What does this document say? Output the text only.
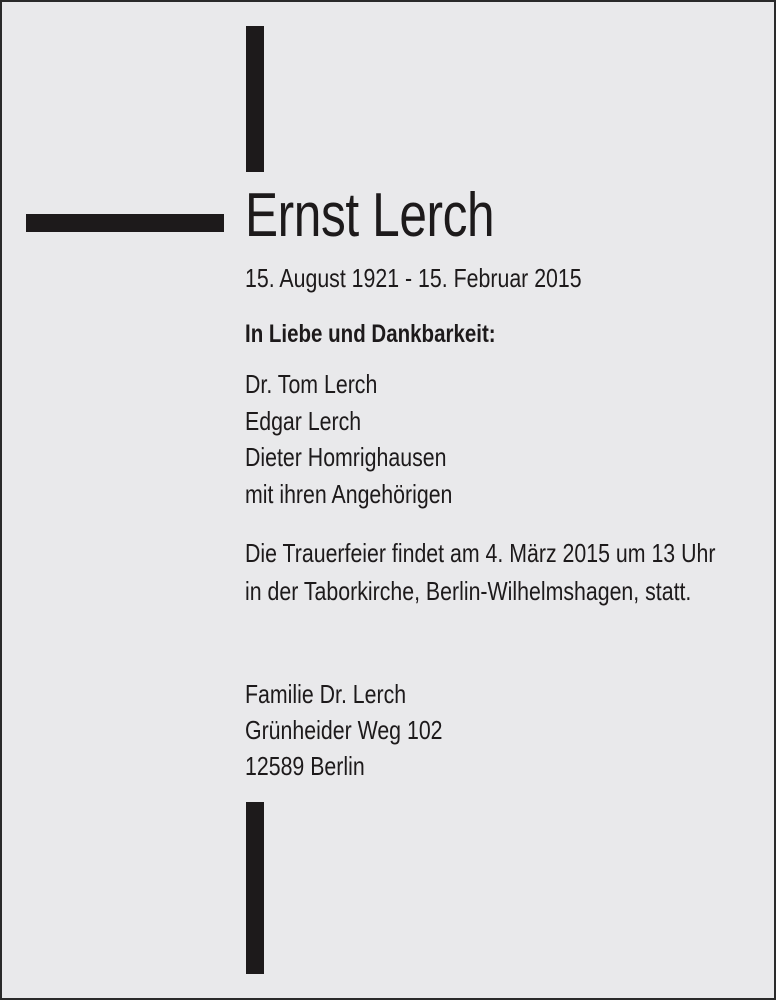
Ernst Lerch
15. August 1921 - 15. Februar 2015
In Liebe und Dankbarkeit:
Dr. Tom Lerch
Edgar Lerch
Dieter Homrighausen
mit ihren Angehörigen
Die Trauerfeier findet am 4. März 2015 um 13 Uhr
in der Taborkirche, Berlin-Wilhelmshagen, statt.
Familie Dr. Lerch
Grünheider Weg 102
12589 Berlin
